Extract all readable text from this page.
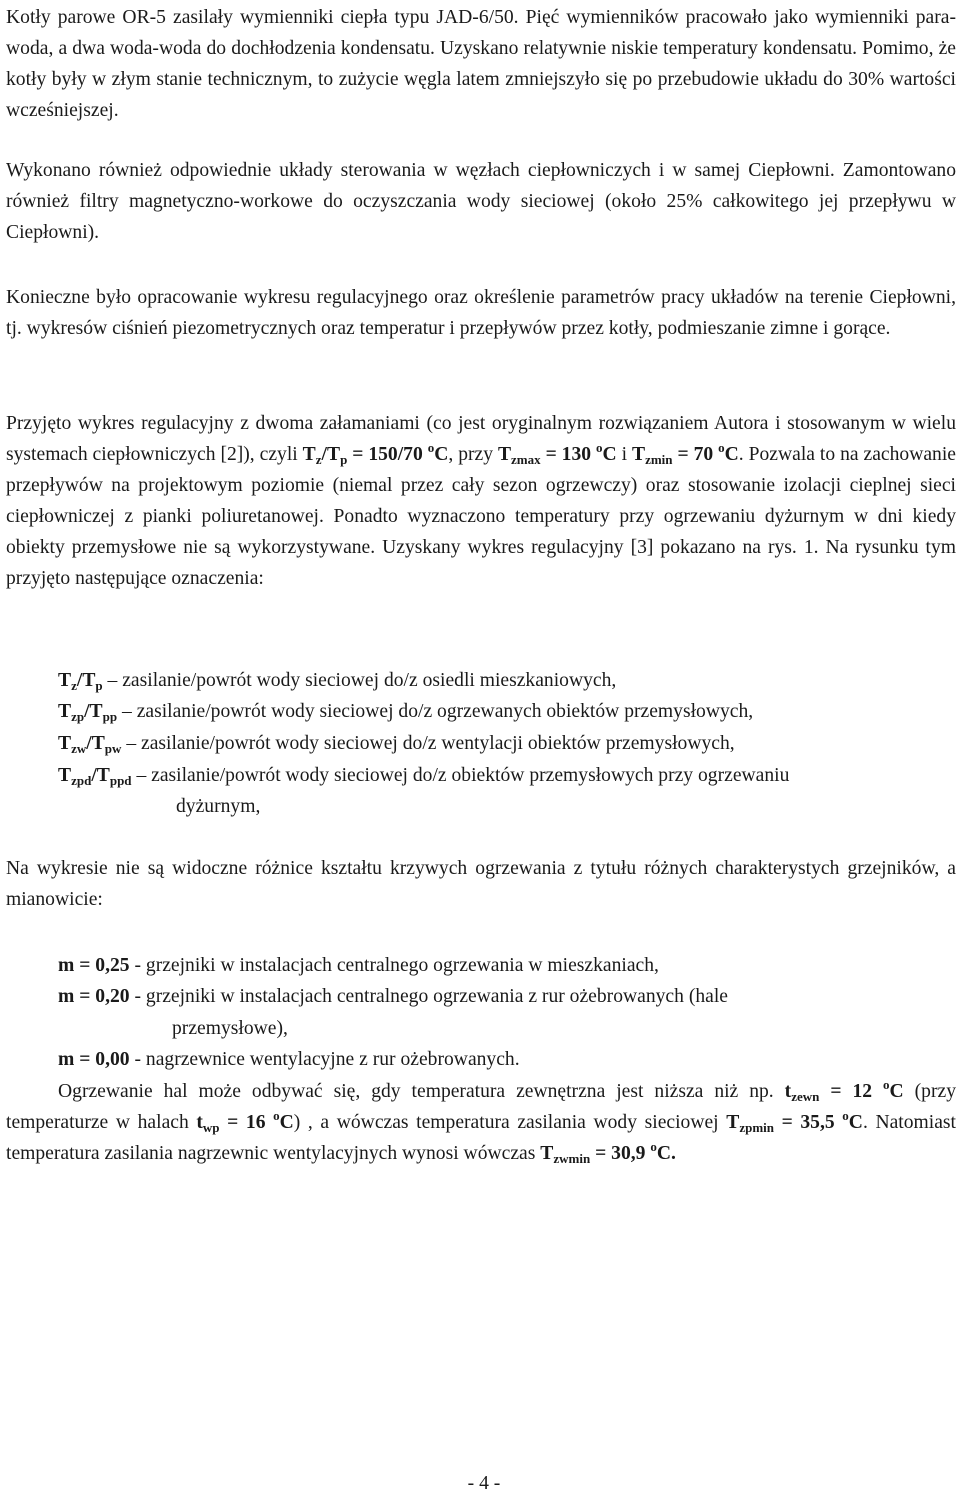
Kotły parowe OR-5 zasilały wymienniki ciepła typu JAD-6/50. Pięć wymienników pracowało jako wymienniki para-woda, a dwa woda-woda do dochłodzenia kondensatu. Uzyskano relatywnie niskie temperatury kondensatu. Pomimo, że kotły były w złym stanie technicznym, to zużycie węgla latem zmniejszyło się po przebudowie układu do 30% wartości wcześniejszej.

Wykonano również odpowiednie układy sterowania w węzłach ciepłowniczych i w samej Ciepłowni. Zamontowano również filtry magnetyczno-workowe do oczyszczania wody sieciowej (około 25% całkowitego jej przepływu w Ciepłowni).

Konieczne było opracowanie wykresu regulacyjnego oraz określenie parametrów pracy układów na terenie Ciepłowni, tj. wykresów ciśnień piezometrycznych oraz temperatur i przepływów przez kotły, podmieszanie zimne i gorące.

Przyjęto wykres regulacyjny z dwoma załamaniami (co jest oryginalnym rozwiązaniem Autora i stosowanym w wielu systemach ciepłowniczych [2]), czyli $T_z/T_p = 150/70$ $^o$C, przy $T_{zmax} = 130$ $^o$C i $T_{zmin} = 70$ $^o$C. Pozwala to na zachowanie przepływów na projektowym poziomie (niemal przez cały sezon ogrzewczy) oraz stosowanie izolacji cieplnej sieci ciepłowniczej z pianki poliuretanowej. Ponadto wyznaczono temperatury przy ogrzewaniu dyżurnym w dni kiedy obiekty przemysłowe nie są wykorzystywane. Uzyskany wykres regulacyjny [3] pokazano na rys. 1. Na rysunku tym przyjęto następujące oznaczenia:

$T_z/T_p$ – zasilanie/powrót wody sieciowej do/z osiedli mieszkaniowych,
$T_{zp}/T_{pp}$ – zasilanie/powrót wody sieciowej do/z ogrzewanych obiektów przemysłowych,
$T_{zw}/T_{pw}$ – zasilanie/powrót wody sieciowej do/z wentylacji obiektów przemysłowych,
$T_{zpd}/T_{ppd}$ – zasilanie/powrót wody sieciowej do/z obiektów przemysłowych przy ogrzewaniu
dyżurnym,

Na wykresie nie są widoczne różnice kształtu krzywych ogrzewania z tytułu różnych charakterystych grzejników, a mianowicie:

m = 0,25 - grzejniki w instalacjach centralnego ogrzewania w mieszkaniach,
m = 0,20 - grzejniki w instalacjach centralnego ogrzewania z rur ożebrowanych (hale
przemysłowe),
m = 0,00 - nagrzewnice wentylacyjne z rur ożebrowanych.

Ogrzewanie hal może odbywać się, gdy temperatura zewnętrzna jest niższa niż np. $t_{zewn} = 12$ $^o$C (przy temperaturze w halach $t_{wp} = 16$ $^o$C) , a wówczas temperatura zasilania wody sieciowej $T_{zpmin} = 35,5$ $^o$C. Natomiast temperatura zasilania nagrzewnic wentylacyjnych wynosi wówczas $T_{zwmin} = 30,9$ $^o$C.

- 4 -
